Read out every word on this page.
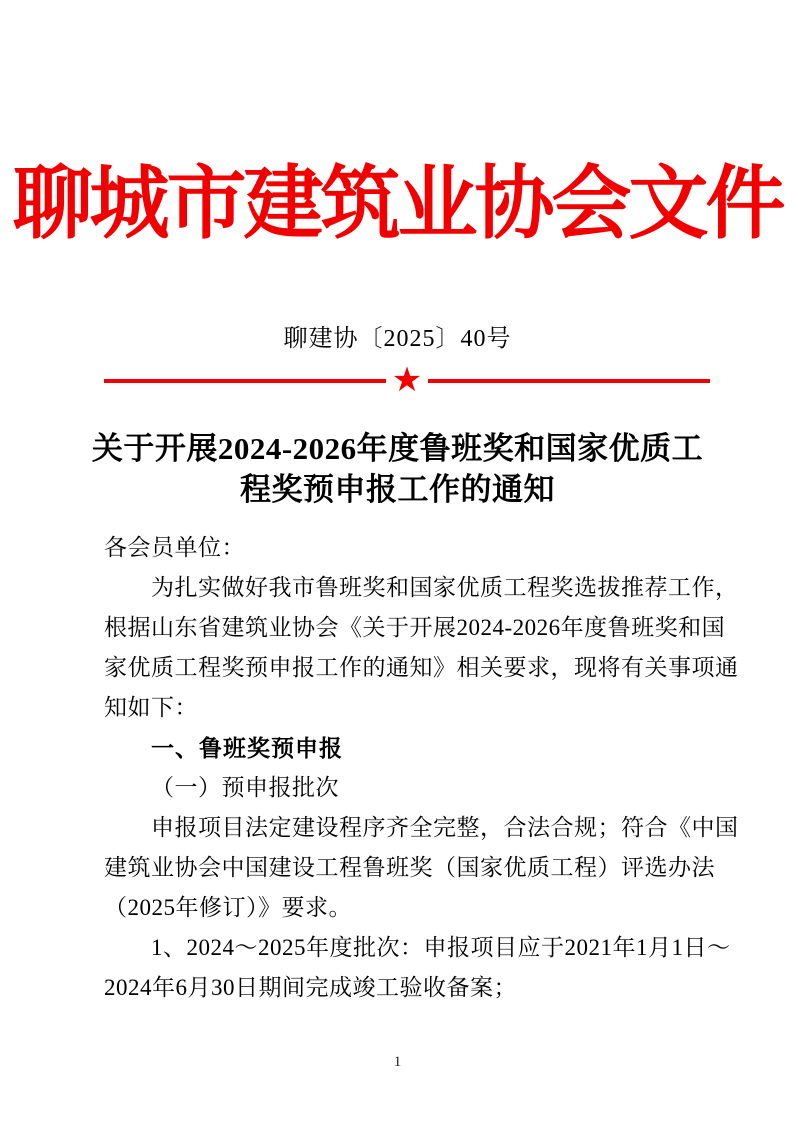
聊城市建筑业协会文件
聊建协〔2025〕40号
★
关于开展2024-2026年度鲁班奖和国家优质工
程奖预申报工作的通知
各会员单位：
为扎实做好我市鲁班奖和国家优质工程奖选拔推荐工作，
根据山东省建筑业协会《关于开展2024-2026年度鲁班奖和国
家优质工程奖预申报工作的通知》相关要求，现将有关事项通
知如下：
一、鲁班奖预申报
（一）预申报批次
申报项目法定建设程序齐全完整，合法合规；符合《中国
建筑业协会中国建设工程鲁班奖（国家优质工程）评选办法
（2025年修订）》要求。
1、2024～2025年度批次：申报项目应于2021年1月1日～
2024年6月30日期间完成竣工验收备案；
1
